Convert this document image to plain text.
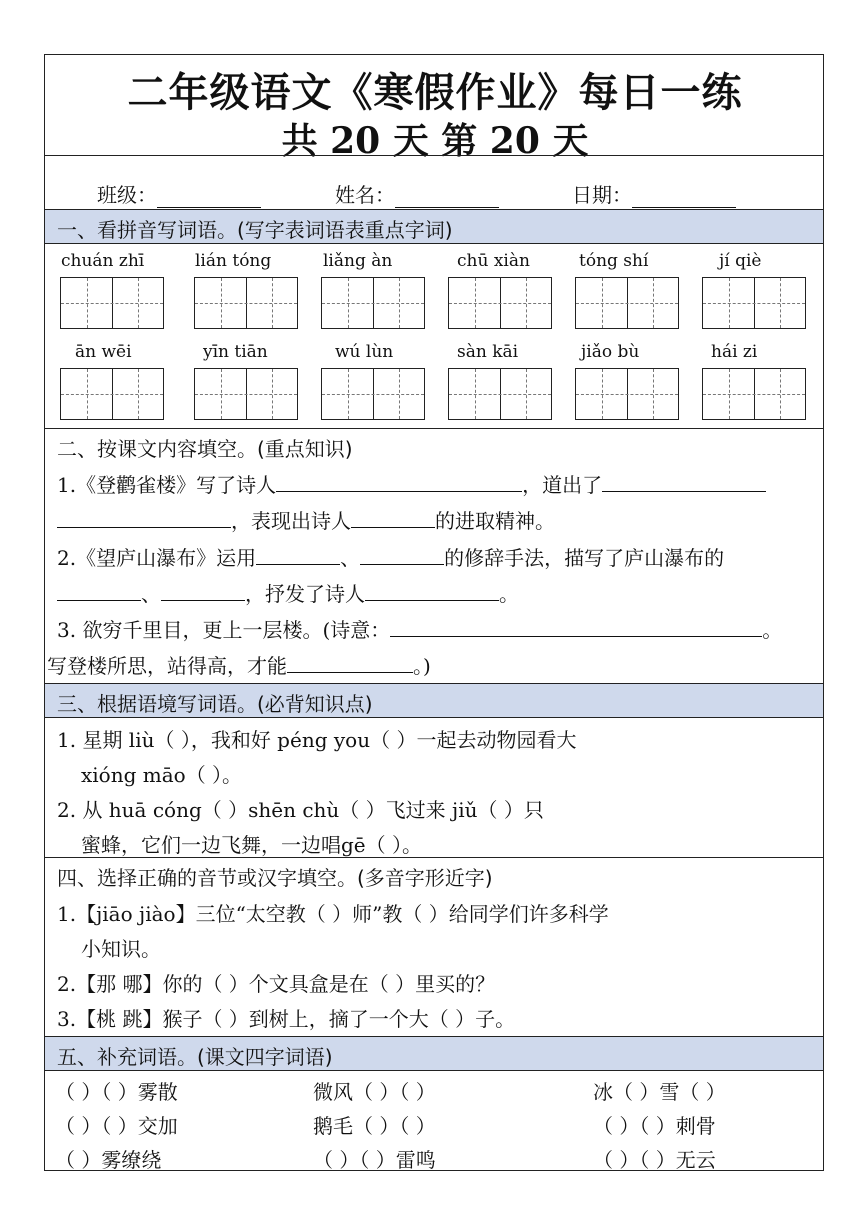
二年级语文《寒假作业》每日一练
共 20 天 第 20 天
班级：	姓名：	日期：
一、看拼音写词语。(写字表词语表重点字词)
chuán zhī	lián tóng	liǎng àn	chū xiàn	tóng shí	jí qiè
ān wēi	yīn tiān	wú lùn	sàn kāi	jiǎo bù	hái zi
二、按课文内容填空。(重点知识)
1.《登鹳雀楼》写了诗人	，道出了
，表现出诗人	的进取精神。
2.《望庐山瀑布》运用	、	的修辞手法，描写了庐山瀑布的
、	，抒发了诗人	。
3. 欲穷千里目，更上一层楼。(诗意：	。
写登楼所思，站得高，才能	。)
三、根据语境写词语。(必背知识点)
1. 星期 liù（ ），我和好 péng you（ ）一起去动物园看大
xióng māo（ ）。
2. 从 huā cóng（ ）shēn chù（ ）飞过来 jiǔ（ ）只
蜜蜂，它们一边飞舞，一边唱gē（ ）。
四、选择正确的音节或汉字填空。(多音字形近字)
1.【jiāo jiào】三位“太空教（ ）师”教（ ）给同学们许多科学
小知识。
2.【那 哪】你的（ ）个文具盒是在（ ）里买的？
3.【桃 跳】猴子（ ）到树上，摘了一个大（ ）子。
五、补充词语。(课文四字词语)
（ ）（ ）雾散	微风（ ）（ ）	冰（ ）雪（ ）
（ ）（ ）交加	鹅毛（ ）（ ）	（ ）（ ）刺骨
（ ）雾缭绕	（ ）（ ）雷鸣	（ ）（ ）无云
